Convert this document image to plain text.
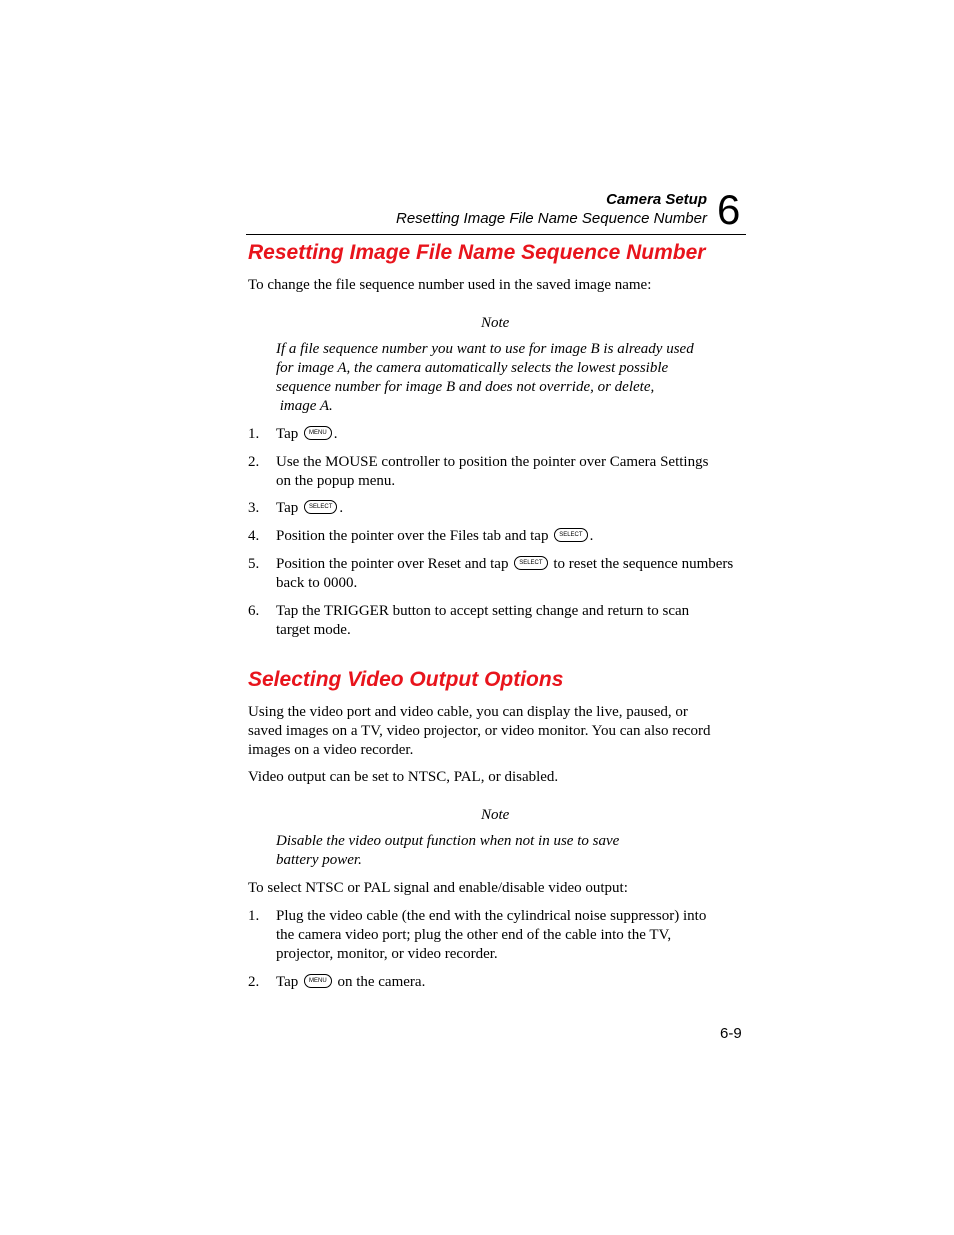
Camera Setup
Resetting Image File Name Sequence Number 6
Resetting Image File Name Sequence Number

To change the file sequence number used in the saved image name:

Note

If a file sequence number you want to use for image B is already used
for image A, the camera automatically selects the lowest possible
sequence number for image B and does not override, or delete,
image A.
1. Tap MENU .
2. Use the MOUSE controller to position the pointer over Camera Settings
on the popup menu.
3. Tap SELECT .
4. Position the pointer over the Files tab and tap SELECT .
5. Position the pointer over Reset and tap SELECT to reset the sequence numbers
back to 0000.
6. Tap the TRIGGER button to accept setting change and return to scan
target mode.
Selecting Video Output Options
Using the video port and video cable, you can display the live, paused, or
saved images on a TV, video projector, or video monitor. You can also record
images on a video recorder.

Video output can be set to NTSC, PAL, or disabled.

Note

Disable the video output function when not in use to save
battery power.

To select NTSC or PAL signal and enable/disable video output:

1. Plug the video cable (the end with the cylindrical noise suppressor) into
the camera video port; plug the other end of the cable into the TV,
projector, monitor, or video recorder.
2. Tap MENU on the camera.
6-9
